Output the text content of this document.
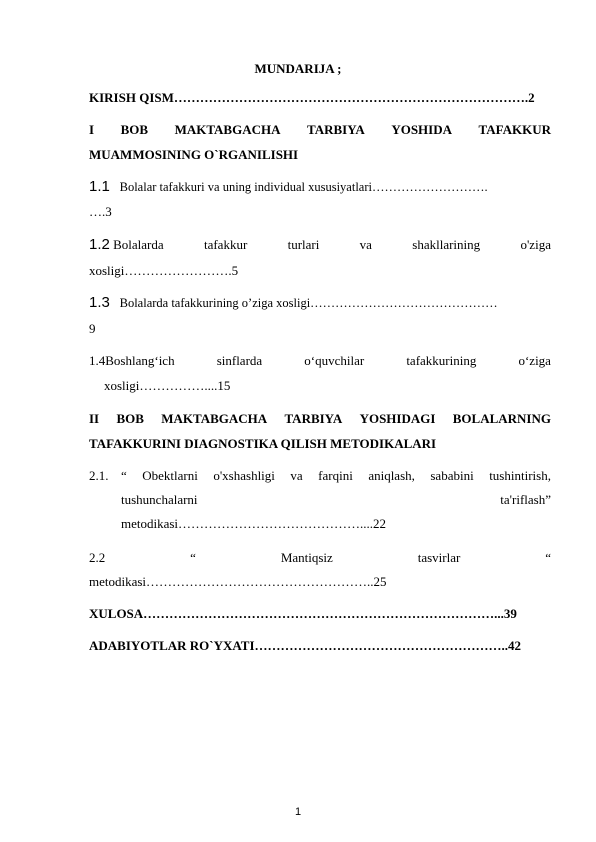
MUNDARIJA ;
KIRISH QISM……………………………………………………………………….2
I BOB MAKTABGACHA TARBIYA YOSHIDA TAFAKKUR
MUAMMOSINING O`RGANILISHI
1.1 Bolalar tafakkuri va uning individual xususiyatlari……………………….
….3
1.2 Bolalarda	tafakkur	turlari	va	shakllarining	o'ziga
xosligi…………………….5
1.3 Bolalarda tafakkurining o’ziga xosligi………………………………………
9
1.4Boshlang‘ich	sinflarda	o‘quvchilar	tafakkurining	o‘ziga
xosligi……………....15
II BOB MAKTABGACHA TARBIYA YOSHIDAGI BOLALARNING
TAFAKKURINI DIAGNOSTIKA QILISH METODIKALARI
2.1. “ Obektlarni o'xshashligi va farqini aniqlash, sababini tushintirish,
tushunchalarni	ta'riflash”
metodikasi……………………………………....22
2.2	“	Mantiqsiz	tasvirlar	“
metodikasi……………………………………………..25
XULOSA………………………………………………………………………...39
ADABIYOTLAR RO`YXATI…………………………………………………..42
1
